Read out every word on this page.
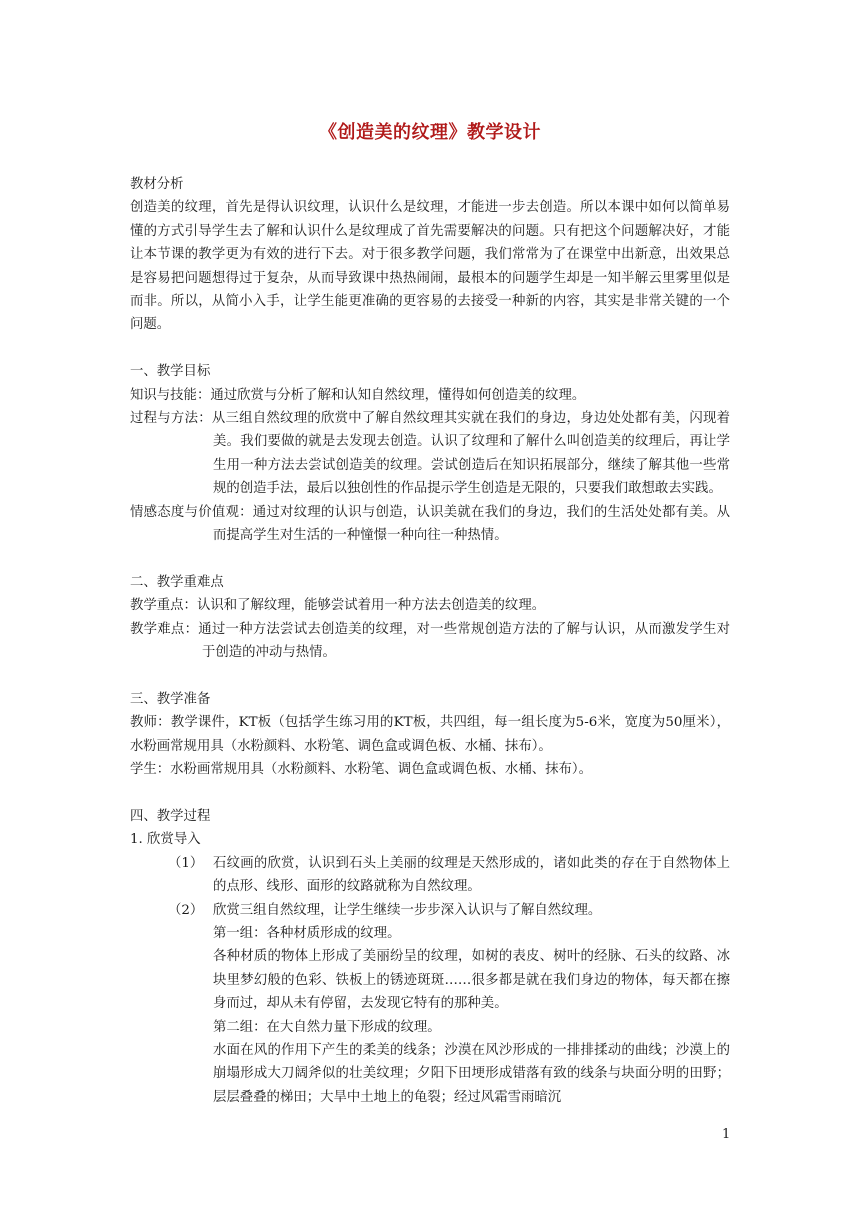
《创造美的纹理》教学设计

教材分析

创造美的纹理，首先是得认识纹理，认识什么是纹理，才能进一步去创造。所以本课中如何以简单易懂的方式引导学生去了解和认识什么是纹理成了首先需要解决的问题。只有把这个问题解决好，才能让本节课的教学更为有效的进行下去。对于很多教学问题，我们常常为了在课堂中出新意，出效果总是容易把问题想得过于复杂，从而导致课中热热闹闹，最根本的问题学生却是一知半解云里雾里似是而非。所以，从简小入手，让学生能更准确的更容易的去接受一种新的内容，其实是非常关键的一个问题。

一、教学目标

知识与技能：通过欣赏与分析了解和认知自然纹理，懂得如何创造美的纹理。

过程与方法：从三组自然纹理的欣赏中了解自然纹理其实就在我们的身边，身边处处都有美，闪现着美。我们要做的就是去发现去创造。认识了纹理和了解什么叫创造美的纹理后，再让学生用一种方法去尝试创造美的纹理。尝试创造后在知识拓展部分，继续了解其他一些常规的创造手法，最后以独创性的作品提示学生创造是无限的，只要我们敢想敢去实践。

情感态度与价值观：通过对纹理的认识与创造，认识美就在我们的身边，我们的生活处处都有美。从而提高学生对生活的一种憧憬一种向往一种热情。

二、教学重难点

教学重点：认识和了解纹理，能够尝试着用一种方法去创造美的纹理。

教学难点：通过一种方法尝试去创造美的纹理，对一些常规创造方法的了解与认识，从而激发学生对于创造的冲动与热情。

三、教学准备

教师：教学课件，KT板（包括学生练习用的KT板，共四组，每一组长度为5-6米，宽度为50厘米），水粉画常规用具（水粉颜料、水粉笔、调色盒或调色板、水桶、抹布）。

学生：水粉画常规用具（水粉颜料、水粉笔、调色盒或调色板、水桶、抹布）。

四、教学过程

1. 欣赏导入

（1） 石纹画的欣赏，认识到石头上美丽的纹理是天然形成的，诸如此类的存在于自然物体上的点形、线形、面形的纹路就称为自然纹理。
（2） 欣赏三组自然纹理，让学生继续一步步深入认识与了解自然纹理。

第一组：各种材质形成的纹理。

各种材质的物体上形成了美丽纷呈的纹理，如树的表皮、树叶的经脉、石头的纹路、冰块里梦幻般的色彩、铁板上的锈迹斑斑……很多都是就在我们身边的物体，每天都在擦身而过，却从未有停留，去发现它特有的那种美。

第二组：在大自然力量下形成的纹理。

水面在风的作用下产生的柔美的线条；沙漠在风沙形成的一排排揉动的曲线；沙漠上的崩塌形成大刀阔斧似的壮美纹理；夕阳下田埂形成错落有致的线条与块面分明的田野；层层叠叠的梯田；大旱中土地上的龟裂；经过风霜雪雨暗沉

1
